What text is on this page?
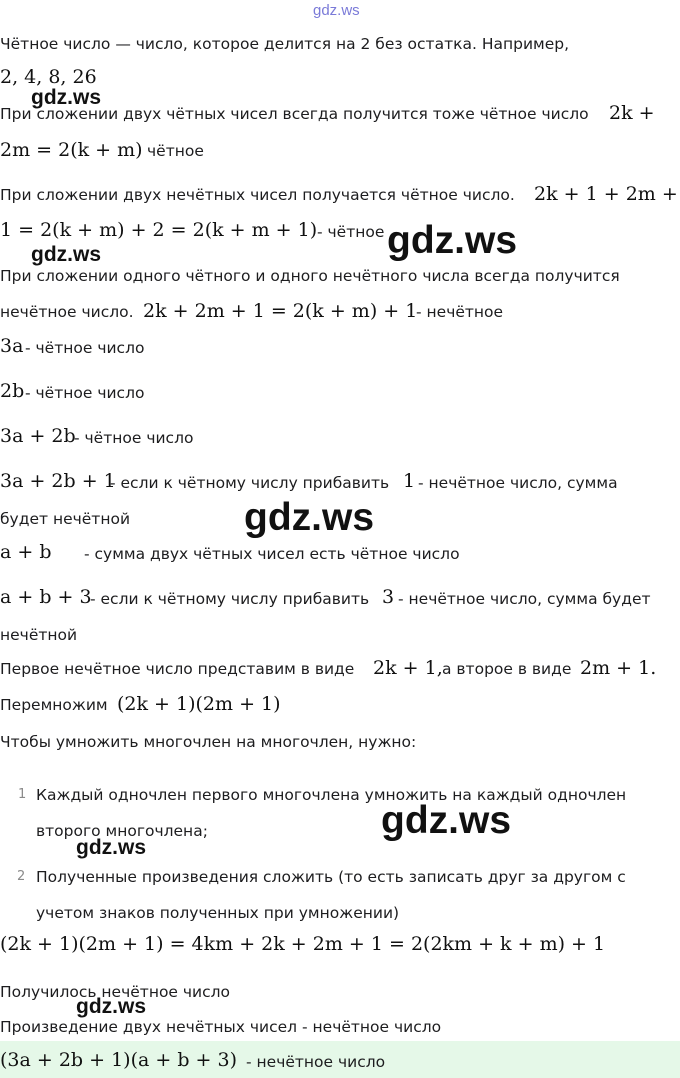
gdz.ws
Чётное число — число, которое делится на 2 без остатка. Например,
2, 4, 8, 26
При сложении двух чётных чисел всегда получится тоже чётное число 2k +
2m = 2(k + m) чётное
При сложении двух нечётных чисел получается чётное число. 2k + 1 + 2m +
1 = 2(k + m) + 2 = 2(k + m + 1) - чётное
При сложении одного чётного и одного нечётного числа всегда получится
нечётное число. 2k + 2m + 1 = 2(k + m) + 1
- нечётное
3a - чётное число
2b - чётное число
3a + 2b
- чётное число
3a + 2b + 1
- если к чётному числу прибавить 1 - нечётное число, сумма
будет нечётной
a + b - сумма двух чётных чисел есть чётное число
a + b + 3
- если к чётному числу прибавить 3 - нечётное число, сумма будет
нечётной
Первое нечётное число представим в виде 2k + 1, а второе в виде 2m + 1.
Перемножим (2k + 1)(2m + 1)
Чтобы умножить многочлен на многочлен, нужно:
1 Каждый одночлен первого многочлена умножить на каждый одночлен
второго многочлена;
2 Полученные произведения сложить (то есть записать друг за другом с
учетом знаков полученных при умножении)
(2k + 1)(2m + 1) = 4km + 2k + 2m + 1 = 2(2km + k + m) + 1
Получилось нечётное число
Произведение двух нечётных чисел - нечётное число
(3a + 2b + 1)(a + b + 3) - нечётное число
gdz.ws
gdz.ws
gdz.ws
gdz.ws
gdz.ws
gdz.ws
gdz.ws
